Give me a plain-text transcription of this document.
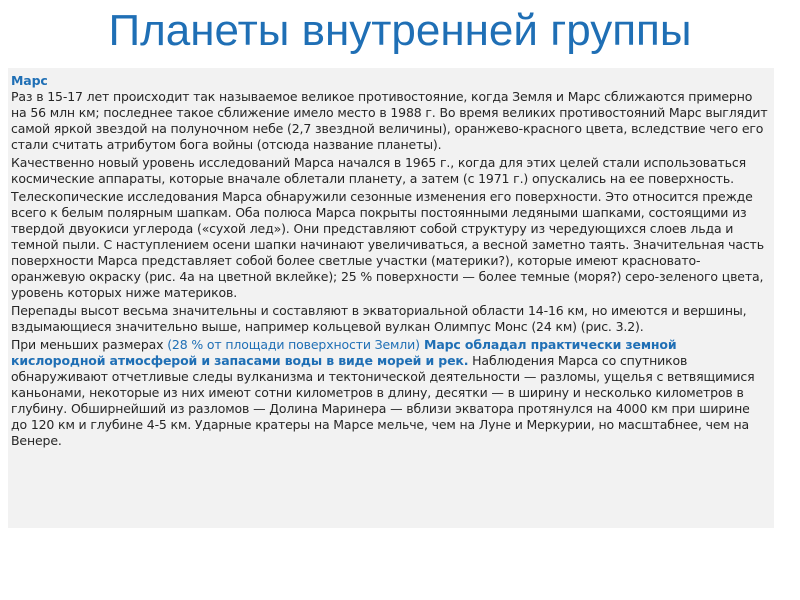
Планеты внутренней группы

Марс

Раз в 15-17 лет происходит так называемое великое противостояние, когда Земля и Марс сближаются примерно на 56 млн км; последнее такое сближение имело место в 1988 г. Во время великих противостояний Марс выглядит самой яркой звездой на полуночном небе (2,7 звездной величины), оранжево-красного цвета, вследствие чего его стали считать атрибутом бога войны (отсюда название планеты).

Качественно новый уровень исследований Марса начался в 1965 г., когда для этих целей стали использоваться космические аппараты, которые вначале облетали планету, а затем (с 1971 г.) опускались на ее поверхность.

Телескопические исследования Марса обнаружили сезонные изменения его поверхности. Это относится прежде всего к белым полярным шапкам. Оба полюса Марса покрыты постоянными ледяными шапками, состоящими из твердой двуокиси углерода («сухой лед»). Они представляют собой структуру из чередующихся слоев льда и темной пыли. С наступлением осени шапки начинают увеличиваться, а весной заметно таять. Значительная часть поверхности Марса представляет собой более светлые участки (материки?), которые имеют красновато-оранжевую окраску (рис. 4а на цветной вклейке); 25 % поверхности — более темные (моря?) серо-зеленого цвета, уровень которых ниже материков.

Перепады высот весьма значительны и составляют в экваториальной области 14-16 км, но имеются и вершины, вздымающиеся значительно выше, например кольцевой вулкан Олимпус Монс (24 км) (рис. 3.2).

При меньших размерах (28 % от площади поверхности Земли) Марс обладал практически земной кислородной атмосферой и запасами воды в виде морей и рек. Наблюдения Марса со спутников обнаруживают отчетливые следы вулканизма и тектонической деятельности — разломы, ущелья с ветвящимися каньонами, некоторые из них имеют сотни километров в длину, десятки — в ширину и несколько километров в глубину. Обширнейший из разломов — Долина Маринера — вблизи экватора протянулся на 4000 км при ширине до 120 км и глубине 4-5 км. Ударные кратеры на Марсе мельче, чем на Луне и Меркурии, но масштабнее, чем на Венере.
